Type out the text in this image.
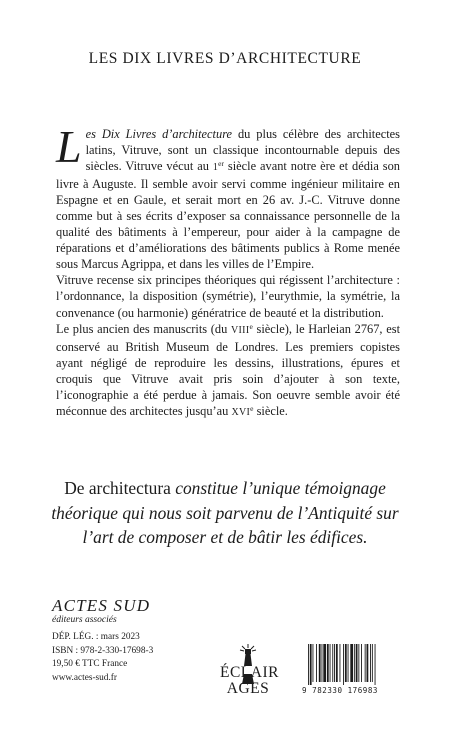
LES DIX LIVRES D’ARCHITECTURE

Les Dix Livres d’architecture du plus célèbre des architectes latins, Vitruve, sont un classique incontournable depuis des siècles. Vitruve vécut au 1er siècle avant notre ère et dédia son livre à Auguste. Il semble avoir servi comme ingénieur militaire en Espagne et en Gaule, et serait mort en 26 av. J.-C. Vitruve donne comme but à ses écrits d’exposer sa connaissance personnelle de la qualité des bâtiments à l’empereur, pour aider à la campagne de réparations et d’améliorations des bâtiments publics à Rome menée sous Marcus Agrippa, et dans les villes de l’Empire.

Vitruve recense six principes théoriques qui régissent l’architecture : l’ordonnance, la disposition (symétrie), l’eurythmie, la symétrie, la convenance (ou harmonie) génératrice de beauté et la distribution.

Le plus ancien des manuscrits (du VIIIe siècle), le Harleian 2767, est conservé au British Museum de Londres. Les premiers copistes ayant négligé de reproduire les dessins, illustrations, épures et croquis que Vitruve avait pris soin d’ajouter à son texte, l’iconographie a été perdue à jamais. Son oeuvre semble avoir été méconnue des architectes jusqu’au XVIe siècle.

De architectura constitue l’unique témoignage théorique qui nous soit parvenu de l’Antiquité sur l’art de composer et de bâtir les édifices.
ACTES SUD
éditeurs associés
DÉP. LÉG. : mars 2023
ISBN : 978-2-330-17698-3
19,50 € TTC France
www.actes-sud.fr	ÉCLAIR
AGES	9 782330 176983
